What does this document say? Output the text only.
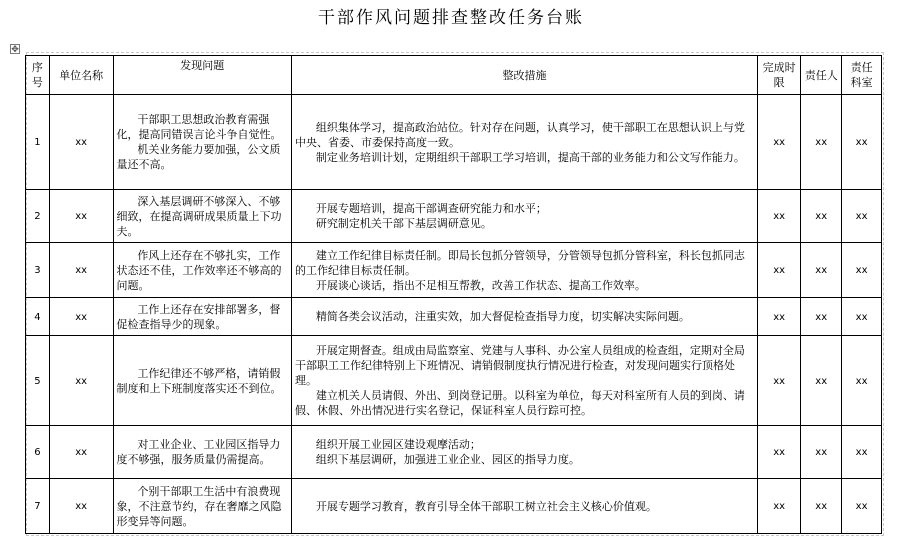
干部作风问题排查整改任务台账
✥
序号	单位名称	发现问题	整改措施	完成时限	责任人	责任科室
1	xx	干部职工思想政治教育需强化，提高同错误言论斗争自觉性。
机关业务能力要加强，公文质量还不高。	组织集体学习，提高政治站位。针对存在问题，认真学习，使干部职工在思想认识上与党中央、省委、市委保持高度一致。
制定业务培训计划，定期组织干部职工学习培训，提高干部的业务能力和公文写作能力。	xx	xx	xx
2	xx	深入基层调研不够深入、不够细致，在提高调研成果质量上下功夫。	开展专题培训，提高干部调查研究能力和水平；
研究制定机关干部下基层调研意见。	xx	xx	xx
3	xx	作风上还存在不够扎实，工作状态还不佳，工作效率还不够高的问题。	建立工作纪律目标责任制。即局长包抓分管领导，分管领导包抓分管科室，科长包抓同志的工作纪律目标责任制。
开展谈心谈话，指出不足相互帮教，改善工作状态、提高工作效率。	xx	xx	xx
4	xx	工作上还存在安排部署多，督促检查指导少的现象。	精简各类会议活动，注重实效，加大督促检查指导力度，切实解决实际问题。	xx	xx	xx
5	xx	工作纪律还不够严格，请销假制度和上下班制度落实还不到位。	开展定期督查。组成由局监察室、党建与人事科、办公室人员组成的检查组，定期对全局干部职工工作纪律特别上下班情况、请销假制度执行情况进行检查，对发现问题实行顶格处理。
建立机关人员请假、外出、到岗登记册。以科室为单位，每天对科室所有人员的到岗、请假、休假、外出情况进行实名登记，保证科室人员行踪可控。	xx	xx	xx
6	xx	对工业企业、工业园区指导力度不够强，服务质量仍需提高。	组织开展工业园区建设观摩活动；
组织下基层调研，加强进工业企业、园区的指导力度。	xx	xx	xx
7	xx	个别干部职工生活中有浪费现象，不注意节约，存在奢靡之风隐形变异等问题。	开展专题学习教育，教育引导全体干部职工树立社会主义核心价值观。	xx	xx	xx
